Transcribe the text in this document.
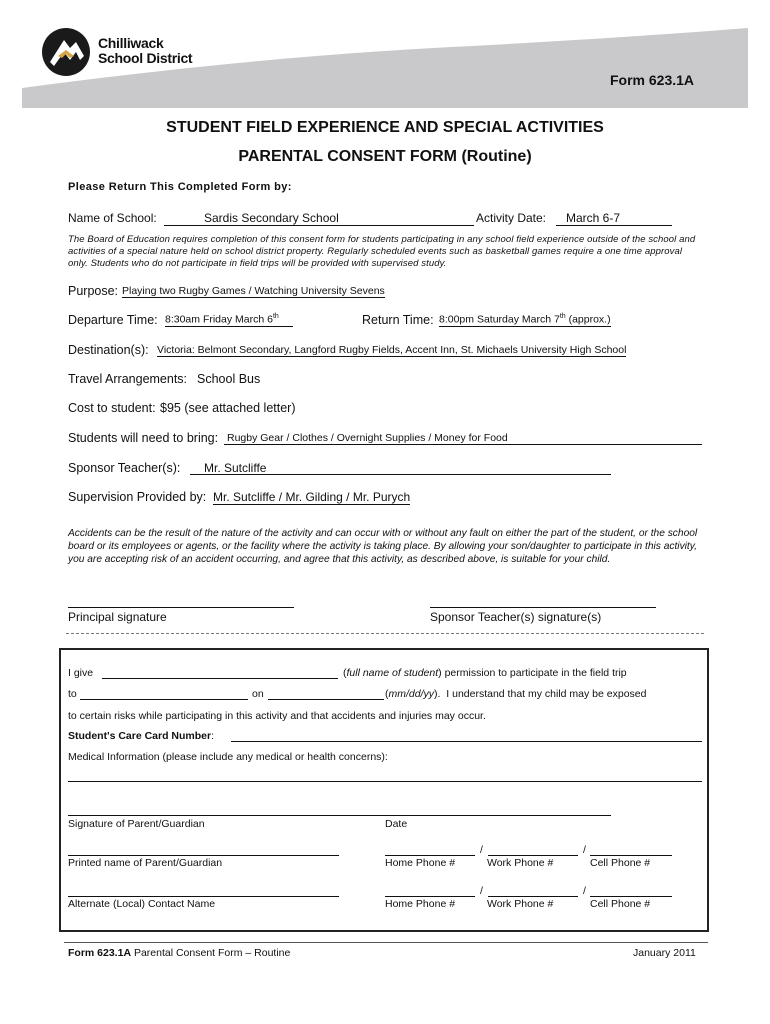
Chilliwack
School District
Form 623.1A
STUDENT FIELD EXPERIENCE AND SPECIAL ACTIVITIES
PARENTAL CONSENT FORM (Routine)
Please Return This Completed Form by:
Name of School:	Sardis Secondary School	Activity Date: March 6-7
The Board of Education requires completion of this consent form for students participating in any school field experience outside of the school and activities of a special nature held on school district property. Regularly scheduled events such as basketball games require a one time approval only. Students who do not participate in field trips will be provided with supervised study.
Purpose: Playing two Rugby Games / Watching University Sevens
Departure Time: 8:30am Friday March 6th	Return Time: 8:00pm Saturday March 7th (approx.)
Destination(s): Victoria: Belmont Secondary, Langford Rugby Fields, Accent Inn, St. Michaels University High School
Travel Arrangements: School Bus
Cost to student: $95 (see attached letter)
Students will need to bring: Rugby Gear / Clothes / Overnight Supplies / Money for Food
Sponsor Teacher(s): Mr. Sutcliffe
Supervision Provided by: Mr. Sutcliffe / Mr. Gilding / Mr. Purych
Accidents can be the result of the nature of the activity and can occur with or without any fault on either the part of the student, or the school board or its employees or agents, or the facility where the activity is taking place. By allowing your son/daughter to participate in this activity, you are accepting risk of an accident occurring, and agree that this activity, as described above, is suitable for your child.
Principal signature	Sponsor Teacher(s) signature(s)
I give	(full name of student) permission to participate in the field trip
to	on	(mm/dd/yy).  I understand that my child may be exposed
to certain risks while participating in this activity and that accidents and injuries may occur.
Student's Care Card Number:
Medical Information (please include any medical or health concerns):
Signature of Parent/Guardian	Date
Printed name of Parent/Guardian
/	/
Home Phone #	Work Phone #	Cell Phone #
Alternate (Local) Contact Name
/	/
Home Phone #	Work Phone #	Cell Phone #
Form 623.1A Parental Consent Form – Routine	January 2011
